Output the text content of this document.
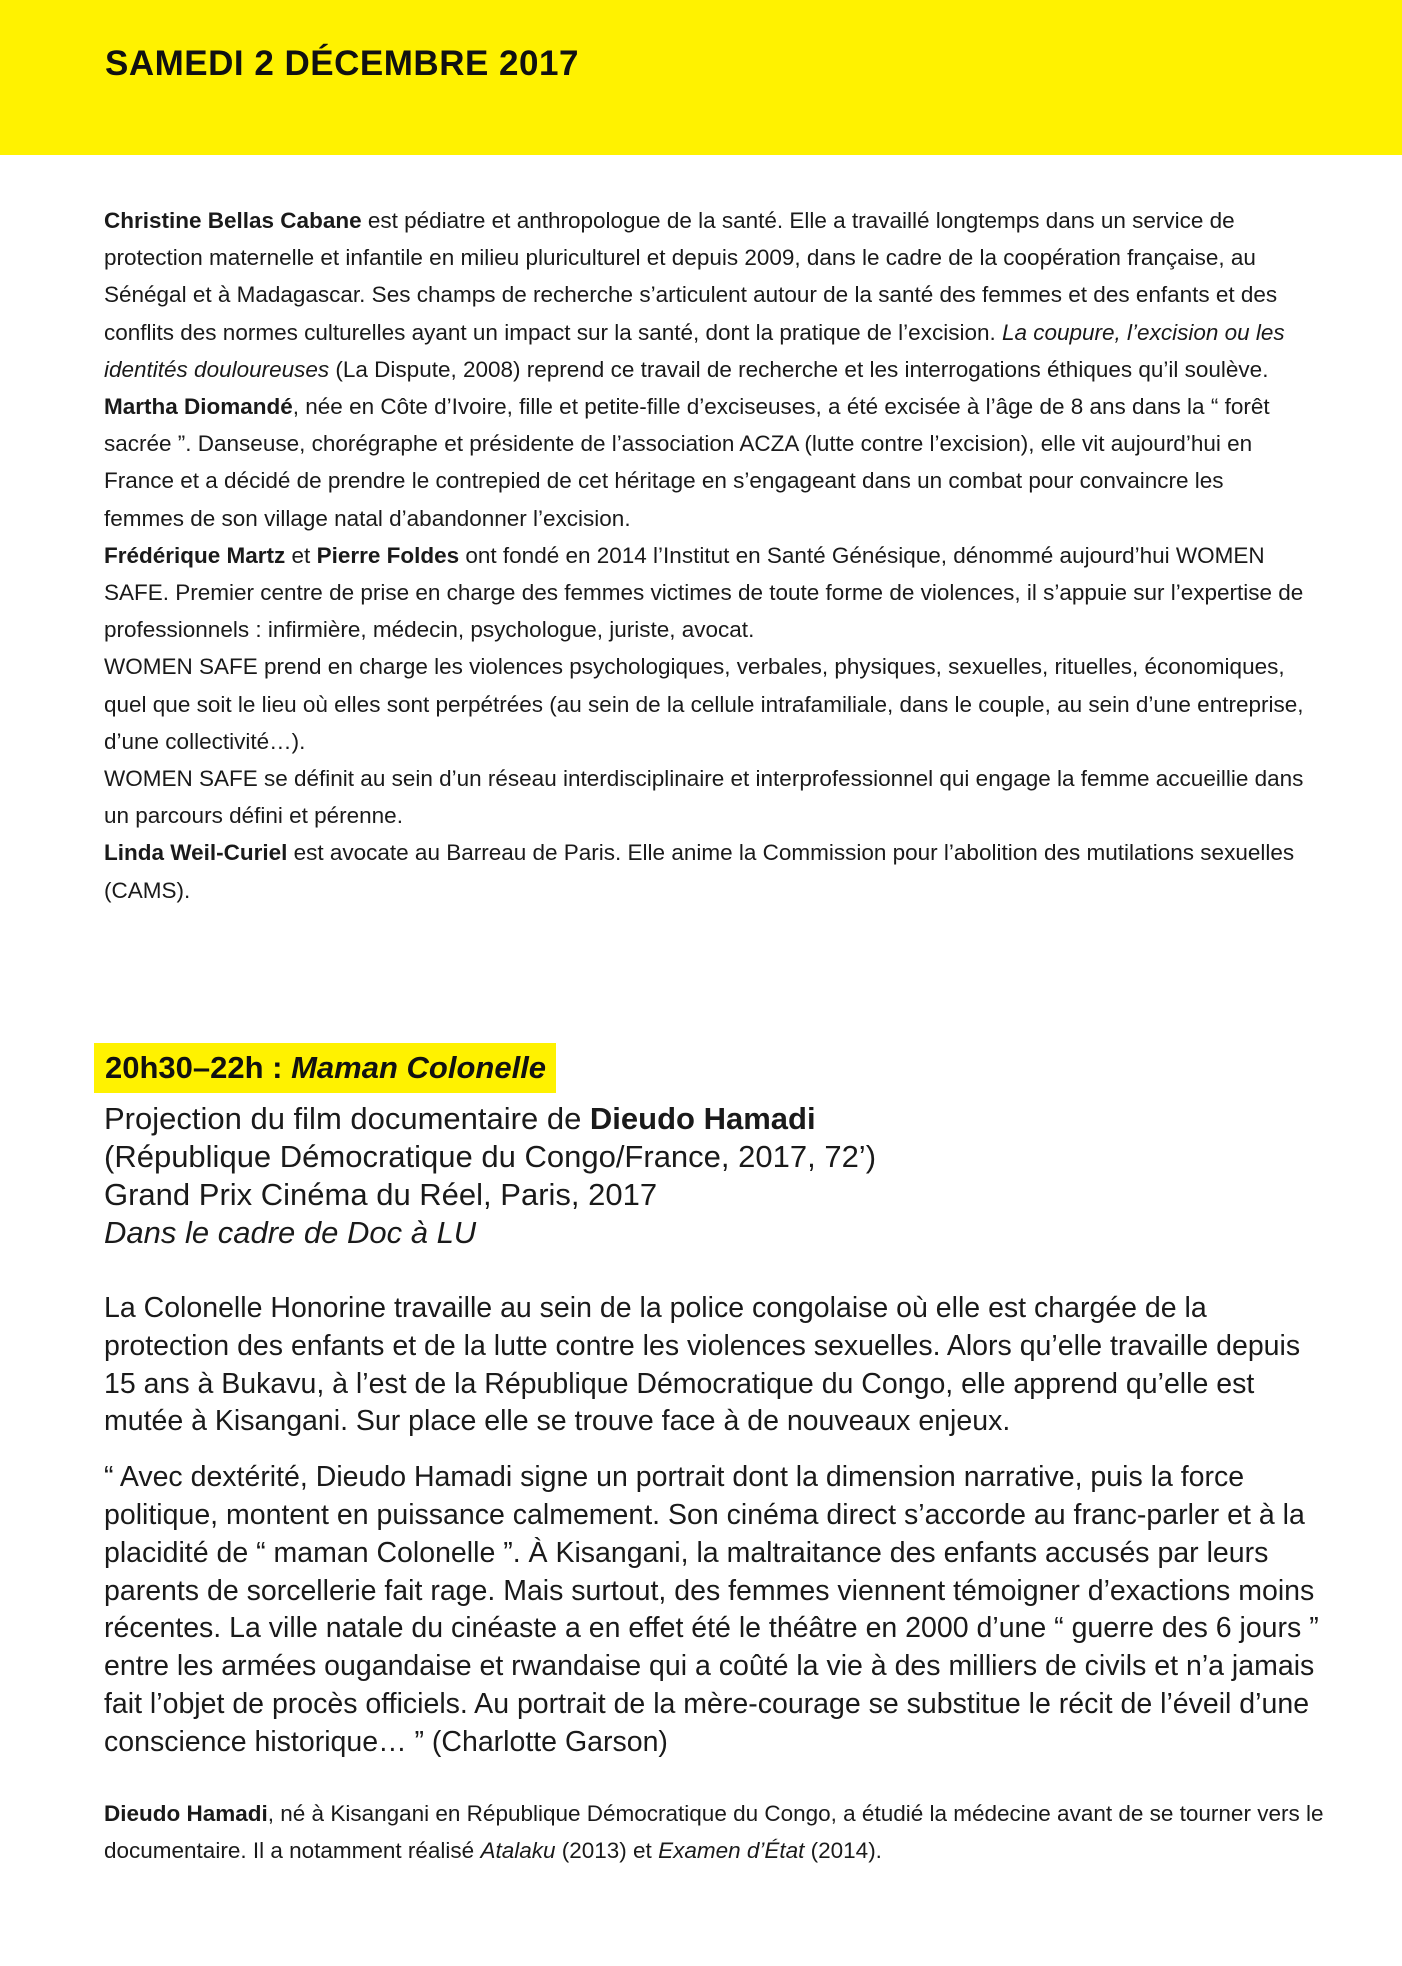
SAMEDI 2 DÉCEMBRE 2017

Christine Bellas Cabane est pédiatre et anthropologue de la santé. Elle a travaillé longtemps dans un service de protection maternelle et infantile en milieu pluriculturel et depuis 2009, dans le cadre de la coopération française, au Sénégal et à Madagascar. Ses champs de recherche s’articulent autour de la santé des femmes et des enfants et des conflits des normes culturelles ayant un impact sur la santé, dont la pratique de l’excision. La coupure, l’excision ou les identités douloureuses (La Dispute, 2008) reprend ce travail de recherche et les interrogations éthiques qu’il soulève.

Martha Diomandé, née en Côte d’Ivoire, fille et petite-fille d’exciseuses, a été excisée à l’âge de 8 ans dans la “ forêt sacrée ”. Danseuse, chorégraphe et présidente de l’association ACZA (lutte contre l’excision), elle vit aujourd’hui en France et a décidé de prendre le contrepied de cet héritage en s’engageant dans un combat pour convaincre les femmes de son village natal d’abandonner l’excision.

Frédérique Martz et Pierre Foldes ont fondé en 2014 l’Institut en Santé Génésique, dénommé aujourd’hui WOMEN SAFE. Premier centre de prise en charge des femmes victimes de toute forme de violences, il s’appuie sur l’expertise de professionnels : infirmière, médecin, psychologue, juriste, avocat.

WOMEN SAFE prend en charge les violences psychologiques, verbales, physiques, sexuelles, rituelles, économiques, quel que soit le lieu où elles sont perpétrées (au sein de la cellule intrafamiliale, dans le couple, au sein d’une entreprise, d’une collectivité…).

WOMEN SAFE se définit au sein d’un réseau interdisciplinaire et interprofessionnel qui engage la femme accueillie dans un parcours défini et pérenne.

Linda Weil-Curiel est avocate au Barreau de Paris. Elle anime la Commission pour l’abolition des mutilations sexuelles (CAMS).

20h30–22h : Maman Colonelle
Projection du film documentaire de Dieudo Hamadi
(République Démocratique du Congo/France, 2017, 72’)
Grand Prix Cinéma du Réel, Paris, 2017
Dans le cadre de Doc à LU

La Colonelle Honorine travaille au sein de la police congolaise où elle est chargée de la protection des enfants et de la lutte contre les violences sexuelles. Alors qu’elle travaille depuis 15 ans à Bukavu, à l’est de la République Démocratique du Congo, elle apprend qu’elle est mutée à Kisangani. Sur place elle se trouve face à de nouveaux enjeux.

“ Avec dextérité, Dieudo Hamadi signe un portrait dont la dimension narrative, puis la force politique, montent en puissance calmement. Son cinéma direct s’accorde au franc-parler et à la placidité de “ maman Colonelle ”. À Kisangani, la maltraitance des enfants accusés par leurs parents de sorcellerie fait rage. Mais surtout, des femmes viennent témoigner d’exactions moins récentes. La ville natale du cinéaste a en effet été le théâtre en 2000 d’une “ guerre des 6 jours ” entre les armées ougandaise et rwandaise qui a coûté la vie à des milliers de civils et n’a jamais fait l’objet de procès officiels. Au portrait de la mère-courage se substitue le récit de l’éveil d’une conscience historique… ” (Charlotte Garson)

Dieudo Hamadi, né à Kisangani en République Démocratique du Congo, a étudié la médecine avant de se tourner vers le documentaire. Il a notamment réalisé Atalaku (2013) et Examen d’État (2014).
